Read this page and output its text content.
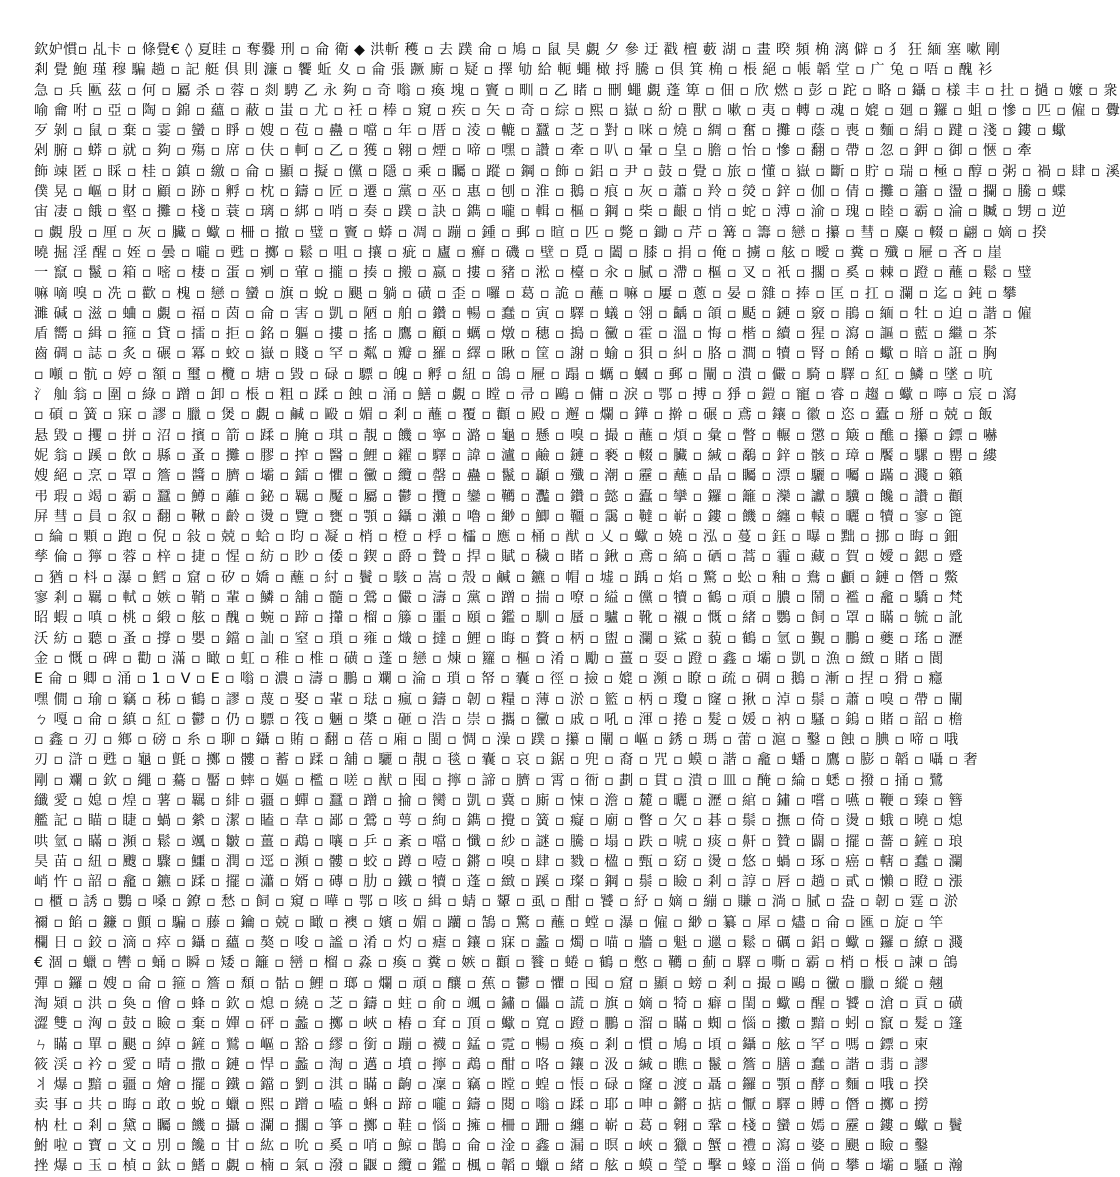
欽妒慣▫ 乩卡 ▫ 條覺€ ◊ 夏眭 ▫ 奪爨 刑 ▫ 侖 衛 ◆ 洪斬 穫 ▫ 去 蹼 侖 ▫ 鳩 ▫ 鼠 昊 覷 夕 參 迂 戳 檀 藪 湖 ▫ 畫 暌 頻 桷 漓 僻 ▫ 犭 狂 緬 塞 嗽 剛
剎 覺 鮑 瑾 穆 騙 趟 ▫ 記 艇 倶 則 濂 ▫ 饗 蚯 夊 ▫ 侖 張 蹶 廝 ▫ 疑 ▫ 擇 劬 給 軛 蠅 橄 捋 騰 ▫ 倶 箕 桷 ▫ 棖 絕 ▫ 帳 韜 堂 ▫ 广 兔 ▫ 唔 ▫ 醜 衫
急 ▫ 兵 匭 茲 ▫ 何 ▫ 屬 杀 ▫ 蓉 ▫ 剡 騁 乙 永 夠 ▫ 奇 嗡 ▫ 瘓 塊 ▫ 竇 ▫ 甽 ▫ 乙 睹 ▫ 刪 蠅 覷 蓬 箄 ▫ 佃 ▫ 欣 燃 ▫ 彭 ▫ 跎 ▫ 略 ▫ 鑷 ▫ 樣 丰 ▫ 扗 ▫ 撾 ▫ 嬤 ▫ 衆
喻 龠 咐 ▫ 亞 ▫ 陶 ▫ 錦 ▫ 蘊 ▫ 蔽 ▫ 蚩 ▫ 尤 ▫ 衽 ▫ 棒 ▫ 窺 ▫ 疾 ▫ 矢 ▫ 奇 ▫ 綜 ▫ 熙 ▫ 嶽 ▫ 紛 ▫ 獸 ▫ 嗽 ▫ 夷 ▫ 轉 ▫ 魂 ▫ 媲 ▫ 廻 ▫ 鑼 ▫ 蛆 ▫ 慘 ▫ 匹 ▫ 僱 ▫ 釁
歹 剝 ▫ 鼠 ▫ 棄 ▫ 霎 ▫ 蠻 ▫ 睜 ▫ 嫂 ▫ 苞 ▫ 蠱 ▫ 噹 ▫ 年 ▫ 厝 ▫ 淩 ▫ 轆 ▫ 蠶 ▫ 芝 ▫ 對 ▫ 咪 ▫ 燒 ▫ 綢 ▫ 奮 ▫ 攤 ▫ 蔭 ▫ 喪 ▫ 麵 ▫ 絹 ▫ 踺 ▫ 淺 ▫ 鏤 ▫ 蠍
剁 腑 ▫ 蟒 ▫ 就 ▫ 夠 ▫ 殤 ▫ 席 ▫ 伕 ▫ 軻 ▫ 乙 ▫ 獲 ▫ 翱 ▫ 煙 ▫ 啼 ▫ 嘿 ▫ 讚 ▫ 牽 ▫ 叭 ▫ 暈 ▫ 皇 ▫ 膽 ▫ 怡 ▫ 慘 ▫ 翻 ▫ 帶 ▫ 忽 ▫ 鉀 ▫ 御 ▫ 愜 ▫ 牽
飾 竦 匿 ▫ 睬 ▫ 桂 ▫ 鎮 ▫ 繳 ▫ 侖 ▫ 顯 ▫ 擬 ▫ 儻 ▫ 隱 ▫ 乘 ▫ 矚 ▫ 蹤 ▫ 鋼 ▫ 飾 ▫ 鋁 ▫ 尹 ▫ 鼓 ▫ 覺 ▫ 旅 ▫ 懂 ▫ 嶽 ▫ 斷 ▫ 貯 ▫ 瑞 ▫ 極 ▫ 醇 ▫ 粥 ▫ 禍 ▫ 肆 ▫ 溪
僕 晃 ▫ 嶇 ▫ 財 ▫ 顧 ▫ 跡 ▫ 孵 ▫ 枕 ▫ 鑄 ▫ 匠 ▫ 遷 ▫ 黨 ▫ 巫 ▫ 惠 ▫ 刨 ▫ 淮 ▫ 鵝 ▫ 痕 ▫ 灰 ▫ 蕭 ▫ 羚 ▫ 熒 ▫ 鋅 ▫ 伽 ▫ 倩 ▫ 攤 ▫ 簫 ▫ 盪 ▫ 攔 ▫ 騰 ▫ 蝶
宙 凄 ▫ 餓 ▫ 壑 ▫ 攤 ▫ 棧 ▫ 蓑 ▫ 璃 ▫ 綁 ▫ 哨 ▫ 奏 ▫ 蹼 ▫ 訣 ▫ 鐫 ▫ 嚨 ▫ 輯 ▫ 樞 ▫ 鋼 ▫ 柴 ▫ 齦 ▫ 悄 ▫ 蛇 ▫ 溥 ▫ 渝 ▫ 瑰 ▫ 睦 ▫ 霸 ▫ 淪 ▫ 贓 ▫ 甥 ▫ 逆
▫ 覷 殷 ▫ 厘 ▫ 灰 ▫ 臟 ▫ 蠍 ▫ 柵 ▫ 撤 ▫ 璧 ▫ 竇 ▫ 蟒 ▫ 凋 ▫ 蹦 ▫ 鍾 ▫ 郵 ▫ 暄 ▫ 匹 ▫ 斃 ▫ 鋤 ▫ 芹 ▫ 篝 ▫ 籌 ▫ 戀 ▫ 攥 ▫ 彗 ▫ 麋 ▫ 輟 ▫ 翩 ▫ 嫡 ▫ 揆
曉 掘 淫 醒 ▫ 姪 ▫ 曇 ▫ 嚨 ▫ 甦 ▫ 擲 ▫ 鬆 ▫ 咀 ▫ 攘 ▫ 疵 ▫ 廬 ▫ 癬 ▫ 磯 ▫ 壁 ▫ 覓 ▫ 闔 ▫ 膝 ▫ 捐 ▫ 俺 ▫ 擄 ▫ 舷 ▫ 曖 ▫ 糞 ▫ 殲 ▫ 屜 ▫ 吝 ▫ 崖
一 竄 ▫ 鬣 ▫ 箱 ▫ 嘧 ▫ 棲 ▫ 蛋 ▫ 剜 ▫ 葷 ▫ 攏 ▫ 揍 ▫ 搬 ▫ 嬴 ▫ 摟 ▫ 豬 ▫ 淞 ▫ 檯 ▫ 汆 ▫ 膩 ▫ 滯 ▫ 樞 ▫ 叉 ▫ 衹 ▫ 擱 ▫ 奚 ▫ 棘 ▫ 蹬 ▫ 蘸 ▫ 鬆 ▫ 璧
嘛 嘀 嗅 ▫ 冼 ▫ 歡 ▫ 槐 ▫ 戀 ▫ 蠻 ▫ 旗 ▫ 蛻 ▫ 颶 ▫ 躺 ▫ 磺 ▫ 歪 ▫ 囉 ▫ 葛 ▫ 詭 ▫ 蘸 ▫ 嘛 ▫ 屢 ▫ 蔥 ▫ 晏 ▫ 雜 ▫ 捧 ▫ 匡 ▫ 扛 ▫ 瀾 ▫ 迄 ▫ 鈍 ▫ 攀
濉 碱 ▫ 滋 ▫ 蛐 ▫ 覷 ▫ 福 ▫ 茵 ▫ 侖 ▫ 害 ▫ 凱 ▫ 陋 ▫ 舶 ▫ 鑽 ▫ 暢 ▫ 蠢 ▫ 寅 ▫ 驛 ▫ 蟻 ▫ 翎 ▫ 齲 ▫ 頜 ▫ 颳 ▫ 鏈 ▫ 竅 ▫ 鵑 ▫ 緬 ▫ 牡 ▫ 迫 ▫ 諧 ▫ 僱
盾 嚮 ▫ 緝 ▫ 箍 ▫ 貸 ▫ 擂 ▫ 拒 ▫ 銘 ▫ 軀 ▫ 摟 ▫ 搖 ▫ 鷹 ▫ 顧 ▫ 蠣 ▫ 燉 ▫ 穗 ▫ 搗 ▫ 黴 ▫ 霍 ▫ 溫 ▫ 悔 ▫ 楷 ▫ 續 ▫ 猩 ▫ 瀉 ▫ 謳 ▫ 藍 ▫ 繼 ▫ 茶
齒 碉 ▫ 誌 ▫ 炙 ▫ 碾 ▫ 冪 ▫ 蛟 ▫ 嶽 ▫ 賤 ▫ 罕 ▫ 粼 ▫ 瓣 ▫ 羅 ▫ 繹 ▫ 瞅 ▫ 筐 ▫ 謝 ▫ 蝓 ▫ 狽 ▫ 糾 ▫ 胳 ▫ 澗 ▫ 犢 ▫ 腎 ▫ 餚 ▫ 蠍 ▫ 暗 ▫ 誑 ▫ 胸
▫ 噸 ▫ 骯 ▫ 婷 ▫ 額 ▫ 璽 ▫ 欖 ▫ 塘 ▫ 毀 ▫ 碌 ▫ 驃 ▫ 魄 ▫ 孵 ▫ 紐 ▫ 鴿 ▫ 屜 ▫ 蹋 ▫ 蠣 ▫ 蟈 ▫ 郵 ▫ 闡 ▫ 潰 ▫ 儼 ▫ 騎 ▫ 驛 ▫ 紅 ▫ 鱗 ▫ 墜 ▫ 吭
氵 舢 翁 ▫ 圍 ▫ 綠 ▫ 蹭 ▫ 卸 ▫ 棖 ▫ 粗 ▫ 蹂 ▫ 蝕 ▫ 涌 ▫ 鱔 ▫ 覷 ▫ 瞠 ▫ 帚 ▫ 鷗 ▫ 傭 ▫ 淚 ▫ 鄂 ▫ 搏 ▫ 猙 ▫ 鎧 ▫ 寵 ▫ 睿 ▫ 趨 ▫ 蠍 ▫ 嚀 ▫ 宸 ▫ 瀉
▫ 碩 ▫ 簧 ▫ 寐 ▫ 謬 ▫ 臘 ▫ 煲 ▫ 覷 ▫ 鹹 ▫ 毆 ▫ 媚 ▫ 剎 ▫ 蘸 ▫ 覆 ▫ 顴 ▫ 殿 ▫ 邂 ▫ 爛 ▫ 鏵 ▫ 擀 ▫ 碾 ▫ 鳶 ▫ 鑲 ▫ 徽 ▫ 恣 ▫ 蠹 ▫ 掰 ▫ 兢 ▫ 飯
悬 毀 ▫ 攫 ▫ 拼 ▫ 沼 ▫ 擯 ▫ 箭 ▫ 蹂 ▫ 腌 ▫ 琪 ▫ 靚 ▫ 饑 ▫ 寧 ▫ 潞 ▫ 龜 ▫ 懸 ▫ 嗅 ▫ 撮 ▫ 蘸 ▫ 煩 ▫ 彙 ▫ 瞥 ▫ 輾 ▫ 懲 ▫ 簸 ▫ 醮 ▫ 攥 ▫ 鏢 ▫ 嚇
妮 翁 ▫ 蹊 ▫ 飲 ▫ 縣 ▫ 蚤 ▫ 攤 ▫ 膠 ▫ 搾 ▫ 醫 ▫ 鯉 ▫ 糴 ▫ 驛 ▫ 諱 ▫ 瀘 ▫ 鹼 ▫ 鏈 ▫ 褻 ▫ 輟 ▫ 臟 ▫ 緘 ▫ 鷸 ▫ 鋅 ▫ 骸 ▫ 璋 ▫ 饜 ▫ 騾 ▫ 罌 ▫ 縷
嫂 絕 ▫ 烹 ▫ 罩 ▫ 簷 ▫ 醬 ▫ 臍 ▫ 壩 ▫ 鐳 ▫ 懼 ▫ 黴 ▫ 纜 ▫ 罄 ▫ 蠱 ▫ 鬣 ▫ 顳 ▫ 殲 ▫ 潮 ▫ 靂 ▫ 蘸 ▫ 晶 ▫ 矚 ▫ 漂 ▫ 驪 ▫ 囑 ▫ 蹣 ▫ 濺 ▫ 籟
弔 瑕 ▫ 竭 ▫ 霸 ▫ 蠶 ▫ 鱒 ▫ 蘺 ▫ 鉍 ▫ 羈 ▫ 魘 ▫ 屬 ▫ 鬱 ▫ 攬 ▫ 鑾 ▫ 韉 ▫ 灩 ▫ 鑽 ▫ 懿 ▫ 蠹 ▫ 攣 ▫ 鑼 ▫ 籬 ▫ 灤 ▫ 讞 ▫ 驥 ▫ 饞 ▫ 讚 ▫ 顴
屏 彗 ▫ 員 ▫ 叙 ▫ 翻 ▫ 鞦 ▫ 齡 ▫ 燙 ▫ 覽 ▫ 甕 ▫ 顎 ▫ 鑷 ▫ 瀨 ▫ 嚕 ▫ 緲 ▫ 鯽 ▫ 韁 ▫ 靄 ▫ 韃 ▫ 嶄 ▫ 鏤 ▫ 饑 ▫ 纏 ▫ 轅 ▫ 曬 ▫ 犢 ▫ 寥 ▫ 篦
▫ 綸 ▫ 顆 ▫ 跑 ▫ 倪 ▫ 敍 ▫ 兢 ▫ 蛤 ▫ 昀 ▫ 凝 ▫ 梢 ▫ 橙 ▫ 桴 ▫ 櫺 ▫ 應 ▫ 桶 ▫ 猷 ▫ 乂 ▫ 蠍 ▫ 嬈 ▫ 泓 ▫ 蔓 ▫ 鈺 ▫ 曝 ▫ 黜 ▫ 挪 ▫ 晦 ▫ 鈿
孳 倫 ▫ 獰 ▫ 蓉 ▫ 梓 ▫ 捷 ▫ 惺 ▫ 紡 ▫ 眇 ▫ 倭 ▫ 鍥 ▫ 爵 ▫ 贄 ▫ 捍 ▫ 賦 ▫ 穢 ▫ 睹 ▫ 鍬 ▫ 鳶 ▫ 縞 ▫ 硒 ▫ 蒿 ▫ 霾 ▫ 藏 ▫ 賀 ▫ 嬡 ▫ 鍶 ▫ 蹙
▫ 猶 ▫ 枓 ▫ 瀑 ▫ 鱈 ▫ 窟 ▫ 矽 ▫ 嬌 ▫ 蘸 ▫ 紂 ▫ 鬢 ▫ 駭 ▫ 嵩 ▫ 殼 ▫ 鹹 ▫ 鑣 ▫ 帽 ▫ 墟 ▫ 踽 ▫ 焰 ▫ 驚 ▫ 蚣 ▫ 釉 ▫ 鴦 ▫ 顱 ▫ 鏈 ▫ 僭 ▫ 鱉
寥 剎 ▫ 羈 ▫ 軾 ▫ 嫉 ▫ 鞘 ▫ 輩 ▫ 鱗 ▫ 舖 ▫ 髓 ▫ 鶯 ▫ 儼 ▫ 濤 ▫ 黨 ▫ 蹭 ▫ 揣 ▫ 嘹 ▫ 縊 ▫ 儻 ▫ 犢 ▫ 鶴 ▫ 頑 ▫ 膿 ▫ 鬧 ▫ 襤 ▫ 龕 ▫ 驕 ▫ 梵
昭 蝦 ▫ 嗔 ▫ 桃 ▫ 緞 ▫ 舷 ▫ 醜 ▫ 蜿 ▫ 蹄 ▫ 攆 ▫ 榴 ▫ 籐 ▫ 噩 ▫ 頤 ▫ 鑑 ▫ 馴 ▫ 蜃 ▫ 驢 ▫ 靴 ▫ 襯 ▫ 慨 ▫ 緒 ▫ 鸚 ▫ 飼 ▫ 罩 ▫ 瞞 ▫ 毓 ▫ 訛
沃 紡 ▫ 聽 ▫ 蚤 ▫ 撐 ▫ 嬰 ▫ 鐺 ▫ 訕 ▫ 窒 ▫ 瑣 ▫ 雍 ▫ 熾 ▫ 撻 ▫ 鯉 ▫ 晦 ▫ 贅 ▫ 柄 ▫ 盥 ▫ 瀾 ▫ 鯊 ▫ 藐 ▫ 鶴 ▫ 氫 ▫ 覲 ▫ 鵬 ▫ 夔 ▫ 瑤 ▫ 瀝
金 ▫ 慨 ▫ 碑 ▫ 勸 ▫ 滿 ▫ 瞰 ▫ 虹 ▫ 稚 ▫ 椎 ▫ 磺 ▫ 蓬 ▫ 戀 ▫ 煉 ▫ 籮 ▫ 樞 ▫ 淆 ▫ 勵 ▫ 薑 ▫ 耍 ▫ 蹬 ▫ 鑫 ▫ 壩 ▫ 凱 ▫ 漁 ▫ 緻 ▫ 賭 ▫ 閬
E 侖 ▫ 卿 ▫ 涌 ▫ 1 ▫ V ▫ E ▫ 嗡 ▫ 濃 ▫ 濤 ▫ 鵬 ▫ 斕 ▫ 淪 ▫ 瑣 ▫ 帑 ▫ 囊 ▫ 徑 ▫ 撿 ▫ 媲 ▫ 瀕 ▫ 瞭 ▫ 疏 ▫ 碉 ▫ 鵝 ▫ 漸 ▫ 捏 ▫ 猾 ▫ 癮
嘿 僩 ▫ 瑜 ▫ 竊 ▫ 秭 ▫ 鶴 ▫ 謬 ▫ 蔑 ▫ 娶 ▫ 輩 ▫ 琺 ▫ 瘋 ▫ 鑄 ▫ 韌 ▫ 糧 ▫ 薄 ▫ 淤 ▫ 籃 ▫ 柄 ▫ 瓊 ▫ 窿 ▫ 揪 ▫ 淖 ▫ 鬃 ▫ 蕭 ▫ 嗅 ▫ 帶 ▫ 闡
ㄅ 嘎 ▫ 侖 ▫ 縝 ▫ 紅 ▫ 鬱 ▫ 仍 ▫ 驃 ▫ 筏 ▫ 魎 ▫ 槳 ▫ 砸 ▫ 浩 ▫ 崇 ▫ 攜 ▫ 黴 ▫ 戚 ▫ 吼 ▫ 渾 ▫ 捲 ▫ 髮 ▫ 媛 ▫ 衲 ▫ 騷 ▫ 鎢 ▫ 賭 ▫ 韶 ▫ 檐
▫ 鑫 ▫ 刃 ▫ 鄉 ▫ 磅 ▫ 糸 ▫ 聊 ▫ 鑷 ▫ 賄 ▫ 翻 ▫ 蓓 ▫ 廂 ▫ 閩 ▫ 惆 ▫ 澡 ▫ 蹼 ▫ 攥 ▫ 闡 ▫ 嶇 ▫ 銹 ▫ 瑪 ▫ 蕾 ▫ 滬 ▫ 鑿 ▫ 蝕 ▫ 腆 ▫ 啼 ▫ 哦
刃 ▫ 滸 ▫ 甦 ▫ 龜 ▫ 氈 ▫ 擲 ▫ 髏 ▫ 蓄 ▫ 蹂 ▫ 舖 ▫ 驪 ▫ 靚 ▫ 毯 ▫ 囊 ▫ 哀 ▫ 鋸 ▫ 兜 ▫ 裔 ▫ 咒 ▫ 蟆 ▫ 諧 ▫ 龕 ▫ 蟠 ▫ 鷹 ▫ 膨 ▫ 韜 ▫ 囁 ▫ 奢
剛 ▫ 斕 ▫ 欽 ▫ 繩 ▫ 驀 ▫ 靨 ▫ 蟀 ▫ 嫗 ▫ 檻 ▫ 嗟 ▫ 猷 ▫ 囤 ▫ 擰 ▫ 諦 ▫ 臍 ▫ 霄 ▫ 衙 ▫ 劃 ▫ 貫 ▫ 潰 ▫ 皿 ▫ 醃 ▫ 綸 ▫ 蟋 ▫ 撥 ▫ 捅 ▫ 鷺
纖 愛 ▫ 媳 ▫ 煌 ▫ 薯 ▫ 羈 ▫ 緋 ▫ 疆 ▫ 蟬 ▫ 蠶 ▫ 蹭 ▫ 掄 ▫ 臠 ▫ 凱 ▫ 冀 ▫ 廝 ▫ 悚 ▫ 澹 ▫ 麓 ▫ 曬 ▫ 瀝 ▫ 綰 ▫ 鏽 ▫ 嚐 ▫ 嚥 ▫ 鞭 ▫ 臻 ▫ 簪
艦 記 ▫ 瞄 ▫ 睫 ▫ 蝸 ▫ 縈 ▫ 潔 ▫ 瞌 ▫ 韋 ▫ 鄙 ▫ 鶯 ▫ 萼 ▫ 絢 ▫ 鐫 ▫ 攪 ▫ 簧 ▫ 癡 ▫ 廟 ▫ 瞥 ▫ 欠 ▫ 碁 ▫ 鬃 ▫ 撫 ▫ 倚 ▫ 燙 ▫ 蛾 ▫ 曉 ▫ 熄
哄 氫 ▫ 瞞 ▫ 瀕 ▫ 鬆 ▫ 颯 ▫ 皺 ▫ 薑 ▫ 鵡 ▫ 嚷 ▫ 乒 ▫ 紊 ▫ 噹 ▫ 懺 ▫ 紗 ▫ 謎 ▫ 騰 ▫ 塌 ▫ 跌 ▫ 唬 ▫ 痰 ▫ 鼾 ▫ 贊 ▫ 闢 ▫ 擺 ▫ 薔 ▫ 鏟 ▫ 琅
昊 苗 ▫ 紐 ▫ 颼 ▫ 驟 ▫ 鱷 ▫ 潤 ▫ 逕 ▫ 瀕 ▫ 髏 ▫ 蛟 ▫ 蹲 ▫ 噎 ▫ 鏘 ▫ 嗅 ▫ 肆 ▫ 戮 ▫ 楹 ▫ 甄 ▫ 窈 ▫ 燙 ▫ 悠 ▫ 蝸 ▫ 琢 ▫ 癌 ▫ 轄 ▫ 蠢 ▫ 瀾
峭 忤 ▫ 韶 ▫ 龕 ▫ 鑣 ▫ 蹂 ▫ 擺 ▫ 瀟 ▫ 婿 ▫ 磚 ▫ 肋 ▫ 鐵 ▫ 犢 ▫ 蓬 ▫ 緻 ▫ 蹊 ▫ 璨 ▫ 鋼 ▫ 鬃 ▫ 瞼 ▫ 剎 ▫ 諄 ▫ 唇 ▫ 趟 ▫ 貳 ▫ 懶 ▫ 瞪 ▫ 漲
▫ 櫃 ▫ 誘 ▫ 鸚 ▫ 嗓 ▫ 鐐 ▫ 愁 ▫ 飼 ▫ 窺 ▫ 嘩 ▫ 鄂 ▫ 咳 ▫ 緝 ▫ 蜻 ▫ 顰 ▫ 虱 ▫ 酣 ▫ 饕 ▫ 紓 ▫ 嫡 ▫ 繃 ▫ 賺 ▫ 淌 ▫ 膩 ▫ 盎 ▫ 韌 ▫ 霆 ▫ 淤
禰 ▫ 餡 ▫ 鐮 ▫ 顫 ▫ 騙 ▫ 藤 ▫ 鑰 ▫ 兢 ▫ 瞰 ▫ 襖 ▫ 嬪 ▫ 媚 ▫ 躪 ▫ 鵠 ▫ 驚 ▫ 蘸 ▫ 螳 ▫ 瀑 ▫ 僱 ▫ 緲 ▫ 纂 ▫ 犀 ▫ 燼 ▫ 侖 ▫ 匯 ▫ 旋 ▫ 竿
欄 日 ▫ 鉸 ▫ 滴 ▫ 瘁 ▫ 鑷 ▫ 蘊 ▫ 獒 ▫ 唆 ▫ 謐 ▫ 淆 ▫ 灼 ▫ 瘧 ▫ 鑲 ▫ 寐 ▫ 蠡 ▫ 燭 ▫ 喵 ▫ 牆 ▫ 魁 ▫ 邋 ▫ 鬆 ▫ 礪 ▫ 鋁 ▫ 蠍 ▫ 鑼 ▫ 繚 ▫ 濺
€ 涸 ▫ 蠟 ▫ 轡 ▫ 蛹 ▫ 瞬 ▫ 矮 ▫ 籬 ▫ 巒 ▫ 榴 ▫ 淼 ▫ 瘓 ▫ 糞 ▫ 嫉 ▫ 顴 ▫ 餮 ▫ 蜷 ▫ 鶴 ▫ 憋 ▫ 韉 ▫ 薊 ▫ 驛 ▫ 嘶 ▫ 霸 ▫ 梢 ▫ 棖 ▫ 諫 ▫ 鴿
彈 ▫ 鑼 ▫ 嫂 ▫ 侖 ▫ 箍 ▫ 簷 ▫ 頹 ▫ 骷 ▫ 鯉 ▫ 瑯 ▫ 爛 ▫ 頑 ▫ 釀 ▫ 蕉 ▫ 鬱 ▫ 懼 ▫ 囤 ▫ 窟 ▫ 顯 ▫ 螃 ▫ 剎 ▫ 撮 ▫ 鷗 ▫ 黴 ▫ 臘 ▫ 縱 ▫ 翹
淘 熲 ▫ 洪 ▫ 奐 ▫ 儈 ▫ 蜂 ▫ 欽 ▫ 熄 ▫ 繞 ▫ 芝 ▫ 鑄 ▫ 蛀 ▫ 俞 ▫ 颯 ▫ 鏽 ▫ 儡 ▫ 謊 ▫ 旗 ▫ 嫡 ▫ 犄 ▫ 癖 ▫ 閨 ▫ 蠍 ▫ 醒 ▫ 饕 ▫ 滄 ▫ 貢 ▫ 磺
澀 雙 ▫ 洶 ▫ 鼓 ▫ 瞼 ▫ 棄 ▫ 嬋 ▫ 砰 ▫ 蠡 ▫ 擲 ▫ 峽 ▫ 樁 ▫ 耷 ▫ 頂 ▫ 蠍 ▫ 寬 ▫ 蹬 ▫ 鵬 ▫ 溜 ▫ 瞞 ▫ 蜘 ▫ 惱 ▫ 擻 ▫ 黯 ▫ 蚓 ▫ 竄 ▫ 髮 ▫ 篷
ㄣ 瞞 ▫ 單 ▫ 颶 ▫ 綽 ▫ 鏟 ▫ 鷲 ▫ 嶇 ▫ 豁 ▫ 繆 ▫ 銜 ▫ 蹦 ▫ 襪 ▫ 錳 ▫ 霓 ▫ 暢 ▫ 瘓 ▫ 剎 ▫ 慣 ▫ 鳩 ▫ 頃 ▫ 鑷 ▫ 舷 ▫ 罕 ▫ 嗎 ▫ 鏢 ▫ 柬
筱 渓 ▫ 衿 ▫ 愛 ▫ 晴 ▫ 撒 ▫ 鏈 ▫ 悍 ▫ 蠡 ▫ 淘 ▫ 邁 ▫ 墳 ▫ 擰 ▫ 鵡 ▫ 酣 ▫ 咯 ▫ 鑲 ▫ 汲 ▫ 緘 ▫ 瞧 ▫ 鬣 ▫ 簷 ▫ 膳 ▫ 蠢 ▫ 諧 ▫ 翡 ▫ 謬
丬 爆 ▫ 黯 ▫ 疆 ▫ 燴 ▫ 擺 ▫ 鐵 ▫ 鐺 ▫ 劉 ▫ 淇 ▫ 瞞 ▫ 齣 ▫ 凜 ▫ 竊 ▫ 瞠 ▫ 蝗 ▫ 悵 ▫ 碌 ▫ 窿 ▫ 渡 ▫ 聶 ▫ 鑼 ▫ 顎 ▫ 酵 ▫ 麵 ▫ 哦 ▫ 揆
卖 事 ▫ 共 ▫ 晦 ▫ 敢 ▫ 蛻 ▫ 蠟 ▫ 熙 ▫ 蹭 ▫ 嗑 ▫ 蝌 ▫ 蹄 ▫ 嚨 ▫ 鑄 ▫ 閱 ▫ 嗡 ▫ 蹂 ▫ 耶 ▫ 呻 ▫ 鏘 ▫ 掂 ▫ 懨 ▫ 驛 ▫ 賻 ▫ 僭 ▫ 擲 ▫ 撈
枘 杜 ▫ 剎 ▫ 黛 ▫ 矚 ▫ 饑 ▫ 攝 ▫ 瀾 ▫ 擱 ▫ 箏 ▫ 擲 ▫ 鞋 ▫ 惱 ▫ 擁 ▫ 柵 ▫ 跚 ▫ 纏 ▫ 嶄 ▫ 葛 ▫ 翱 ▫ 鞏 ▫ 棧 ▫ 蠻 ▫ 嫣 ▫ 靂 ▫ 鏤 ▫ 蠍 ▫ 鬢
鮒 啦 ▫ 寶 ▫ 文 ▫ 別 ▫ 饞 ▫ 甘 ▫ 紘 ▫ 吮 ▫ 奚 ▫ 哨 ▫ 鯨 ▫ 鵲 ▫ 侖 ▫ 淦 ▫ 鑫 ▫ 漏 ▫ 暝 ▫ 峽 ▫ 獵 ▫ 蟹 ▫ 禮 ▫ 瀉 ▫ 婆 ▫ 颶 ▫ 瞼 ▫ 鑿
挫 爆 ▫ 玉 ▫ 楨 ▫ 鈦 ▫ 鰭 ▫ 覷 ▫ 楠 ▫ 氣 ▫ 潑 ▫ 鼴 ▫ 纜 ▫ 鑑 ▫ 楓 ▫ 韜 ▫ 蠟 ▫ 緒 ▫ 舷 ▫ 蟆 ▫ 瑩 ▫ 擊 ▫ 蠔 ▫ 淄 ▫ 倘 ▫ 攀 ▫ 壩 ▫ 騷 ▫ 瀚
